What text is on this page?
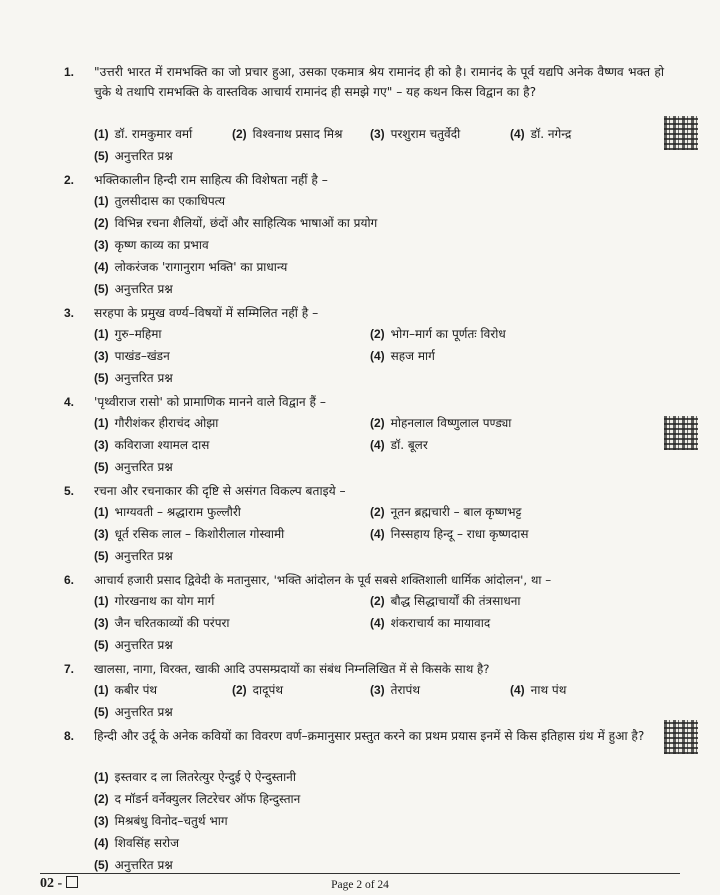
1.	"उत्तरी भारत में रामभक्ति का जो प्रचार हुआ, उसका एकमात्र श्रेय रामानंद ही को है। रामानंद के पूर्व यद्यपि अनेक वैष्णव भक्त हो चुके थे तथापि रामभक्ति के वास्तविक आचार्य रामानंद ही समझे गए" – यह कथन किस विद्वान का है?
(1) डॉ. रामकुमार वर्मा	(2) विश्वनाथ प्रसाद मिश्र (3) परशुराम चतुर्वेदी	(4) डॉ. नगेन्द्र
(5) अनुत्तरित प्रश्न
2.	भक्तिकालीन हिन्दी राम साहित्य की विशेषता नहीं है –
(1) तुलसीदास का एकाधिपत्य
(2) विभिन्न रचना शैलियों, छंदों और साहित्यिक भाषाओं का प्रयोग
(3) कृष्ण काव्य का प्रभाव
(4) लोकरंजक 'रागानुराग भक्ति' का प्राधान्य
(5) अनुत्तरित प्रश्न
3.	सरहपा के प्रमुख वर्ण्य–विषयों में सम्मिलित नहीं है –
(1) गुरु–महिमा	(2) भोग–मार्ग का पूर्णतः विरोध
(3) पाखंड–खंडन	(4) सहज मार्ग
(5) अनुत्तरित प्रश्न
4.	'पृथ्वीराज रासो' को प्रामाणिक मानने वाले विद्वान हैं –
(1) गौरीशंकर हीराचंद ओझा	(2) मोहनलाल विष्णुलाल पण्ड्या
(3) कविराजा श्यामल दास	(4) डॉ. बूलर
(5) अनुत्तरित प्रश्न
5.	रचना और रचनाकार की दृष्टि से असंगत विकल्प बताइये –
(1) भाग्यवती – श्रद्धाराम फुल्लौरी	(2) नूतन ब्रह्मचारी – बाल कृष्णभट्ट
(3) धूर्त रसिक लाल – किशोरीलाल गोस्वामी	(4) निस्सहाय हिन्दू – राधा कृष्णदास
(5) अनुत्तरित प्रश्न
6.	आचार्य हजारी प्रसाद द्विवेदी के मतानुसार, 'भक्ति आंदोलन के पूर्व सबसे शक्तिशाली धार्मिक आंदोलन', था –
(1) गोरखनाथ का योग मार्ग	(2) बौद्ध सिद्धाचार्यों की तंत्रसाधना
(3) जैन चरितकाव्यों की परंपरा	(4) शंकराचार्य का मायावाद
(5) अनुत्तरित प्रश्न
7.	खालसा, नागा, विरक्त, खाकी आदि उपसम्प्रदायों का संबंध निम्नलिखित में से किसके साथ है?
(1) कबीर पंथ	(2) दादूपंथ	(3) तेरापंथ	(4) नाथ पंथ
(5) अनुत्तरित प्रश्न
8.	हिन्दी और उर्दू के अनेक कवियों का विवरण वर्ण–क्रमानुसार प्रस्तुत करने का प्रथम प्रयास इनमें से किस इतिहास ग्रंथ में हुआ है?
(1) इस्तवार द ला लितरेत्युर ऐन्दुई ऐ ऐन्दुस्तानी
(2) द मॉडर्न वर्नेक्युलर लिटरेचर ऑफ हिन्दुस्तान
(3) मिश्रबंधु विनोद–चतुर्थ भाग
(4) शिवसिंह सरोज
(5) अनुत्तरित प्रश्न
02 -	Page 2 of 24
